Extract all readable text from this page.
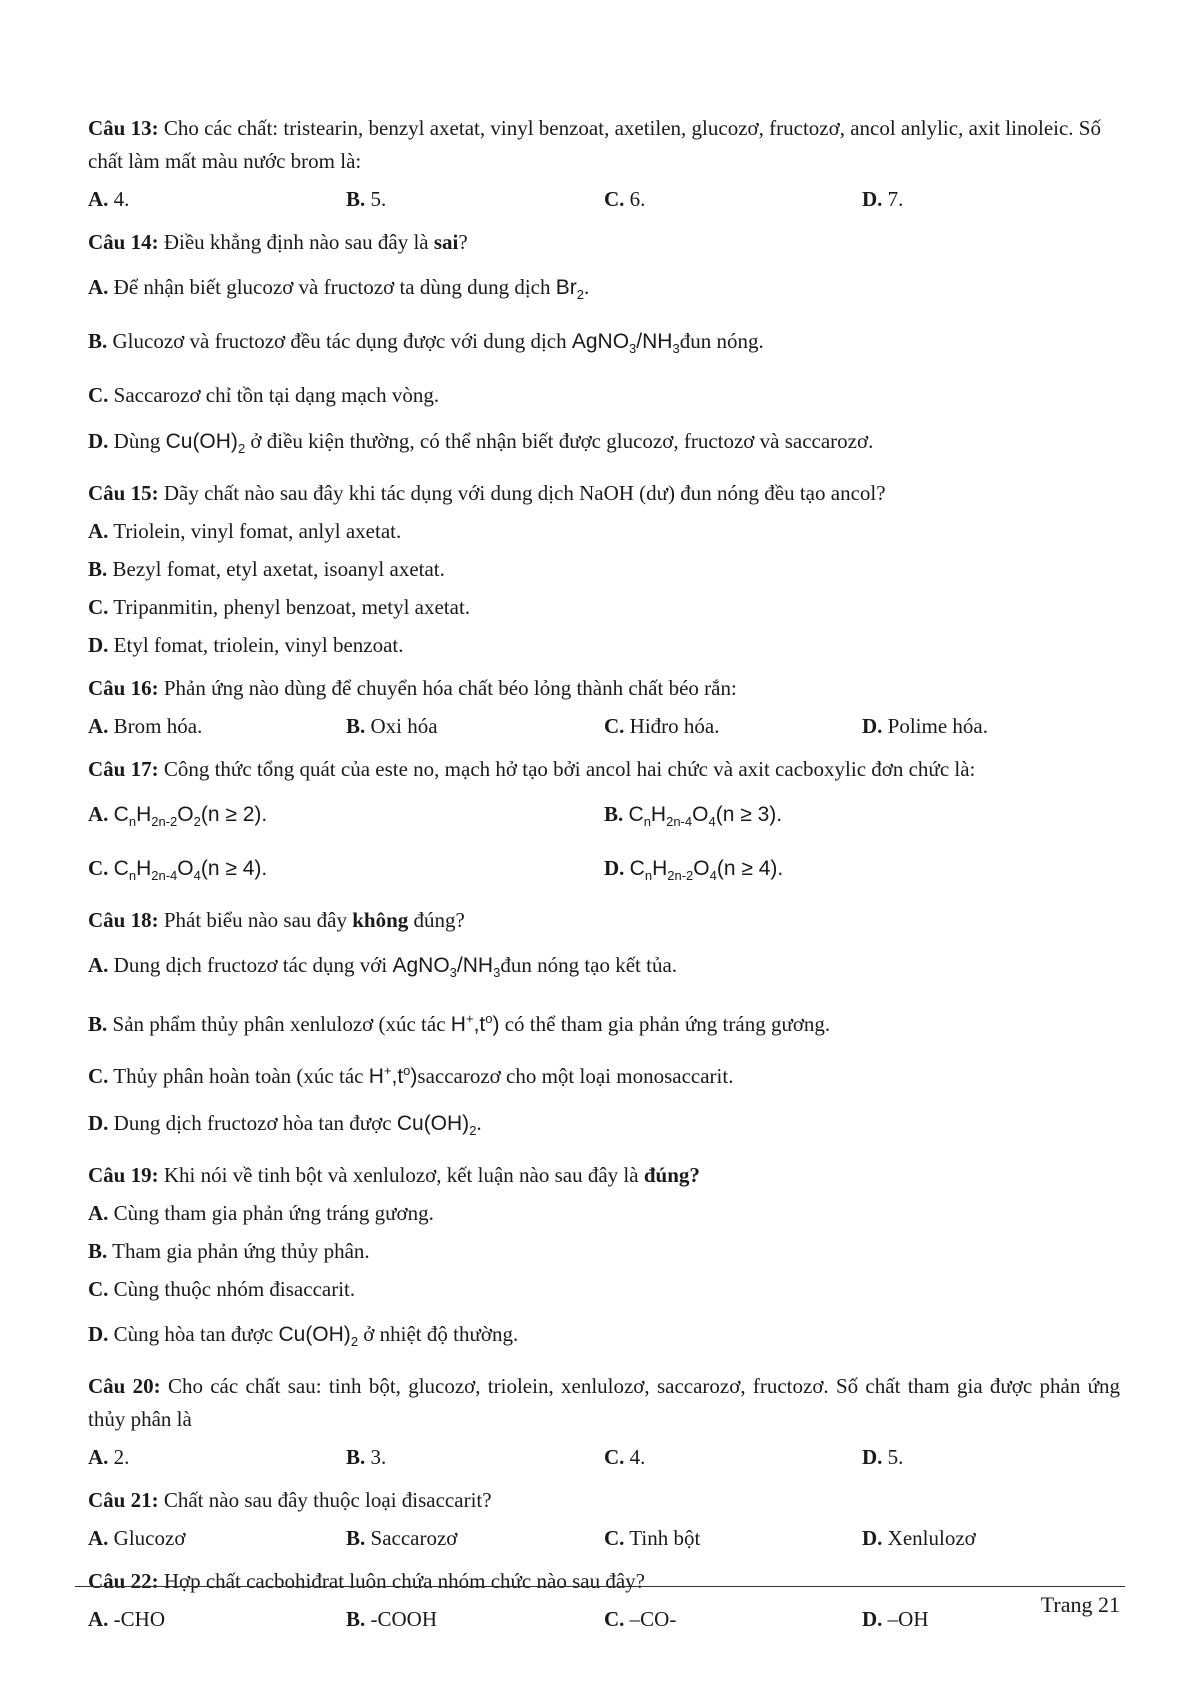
Câu 13: Cho các chất: tristearin, benzyl axetat, vinyl benzoat, axetilen, glucozơ, fructozơ, ancol anlylic, axit linoleic. Số chất làm mất màu nước brom là:
A. 4.	B. 5.	C. 6.	D. 7.
Câu 14: Điều khẳng định nào sau đây là sai?
A. Để nhận biết glucozơ và fructozơ ta dùng dung dịch $Br_2$.
B. Glucozơ và fructozơ đều tác dụng được với dung dịch $AgNO_3/NH_3đun$ nóng.
C. Saccarozơ chỉ tồn tại dạng mạch vòng.
D. Dùng $Cu(OH)_2$ ở điều kiện thường, có thể nhận biết được glucozơ, fructozơ và saccarozơ.
Câu 15: Dãy chất nào sau đây khi tác dụng với dung dịch NaOH (dư) đun nóng đều tạo ancol?
A. Triolein, vinyl fomat, anlyl axetat.
B. Bezyl fomat, etyl axetat, isoanyl axetat.
C. Tripanmitin, phenyl benzoat, metyl axetat.
D. Etyl fomat, triolein, vinyl benzoat.
Câu 16: Phản ứng nào dùng để chuyển hóa chất béo lỏng thành chất béo rắn:
A. Brom hóa.	B. Oxi hóa	C. Hiđro hóa.	D. Polime hóa.
Câu 17: Công thức tổng quát của este no, mạch hở tạo bởi ancol hai chức và axit cacboxylic đơn chức là:
A. $C_nH_{2n-2}O_2(n \ge 2)$.	B. $C_nH_{2n-4}O_4(n \ge 3)$.
C. $C_nH_{2n-4}O_4(n \ge 4)$.	D. $C_nH_{2n-2}O_4(n \ge 4)$.
Câu 18: Phát biểu nào sau đây không đúng?
A. Dung dịch fructozơ tác dụng với $AgNO_3/NH_3đun$ nóng tạo kết tủa.
B. Sản phẩm thủy phân xenlulozơ (xúc tác $H^+,t^o$) có thể tham gia phản ứng tráng gương.
C. Thủy phân hoàn toàn (xúc tác $H^+,t^o)saccarozơ$ cho một loại monosaccarit.
D. Dung dịch fructozơ hòa tan được $Cu(OH)_2$.
Câu 19: Khi nói về tinh bột và xenlulozơ, kết luận nào sau đây là đúng?
A. Cùng tham gia phản ứng tráng gương.
B. Tham gia phản ứng thủy phân.
C. Cùng thuộc nhóm đisaccarit.
D. Cùng hòa tan được $Cu(OH)_2$ ở nhiệt độ thường.
Câu 20: Cho các chất sau: tinh bột, glucozơ, triolein, xenlulozơ, saccarozơ, fructozơ. Số chất tham gia được phản ứng thủy phân là
A. 2.	B. 3.	C. 4.	D. 5.
Câu 21: Chất nào sau đây thuộc loại đisaccarit?
A. Glucozơ	B. Saccarozơ	C. Tinh bột	D. Xenlulozơ
Câu 22: Hợp chất cacbohiđrat luôn chứa nhóm chức nào sau đây?
A. -CHO	B. -COOH	C. –CO-	D. –OH
Trang 21
